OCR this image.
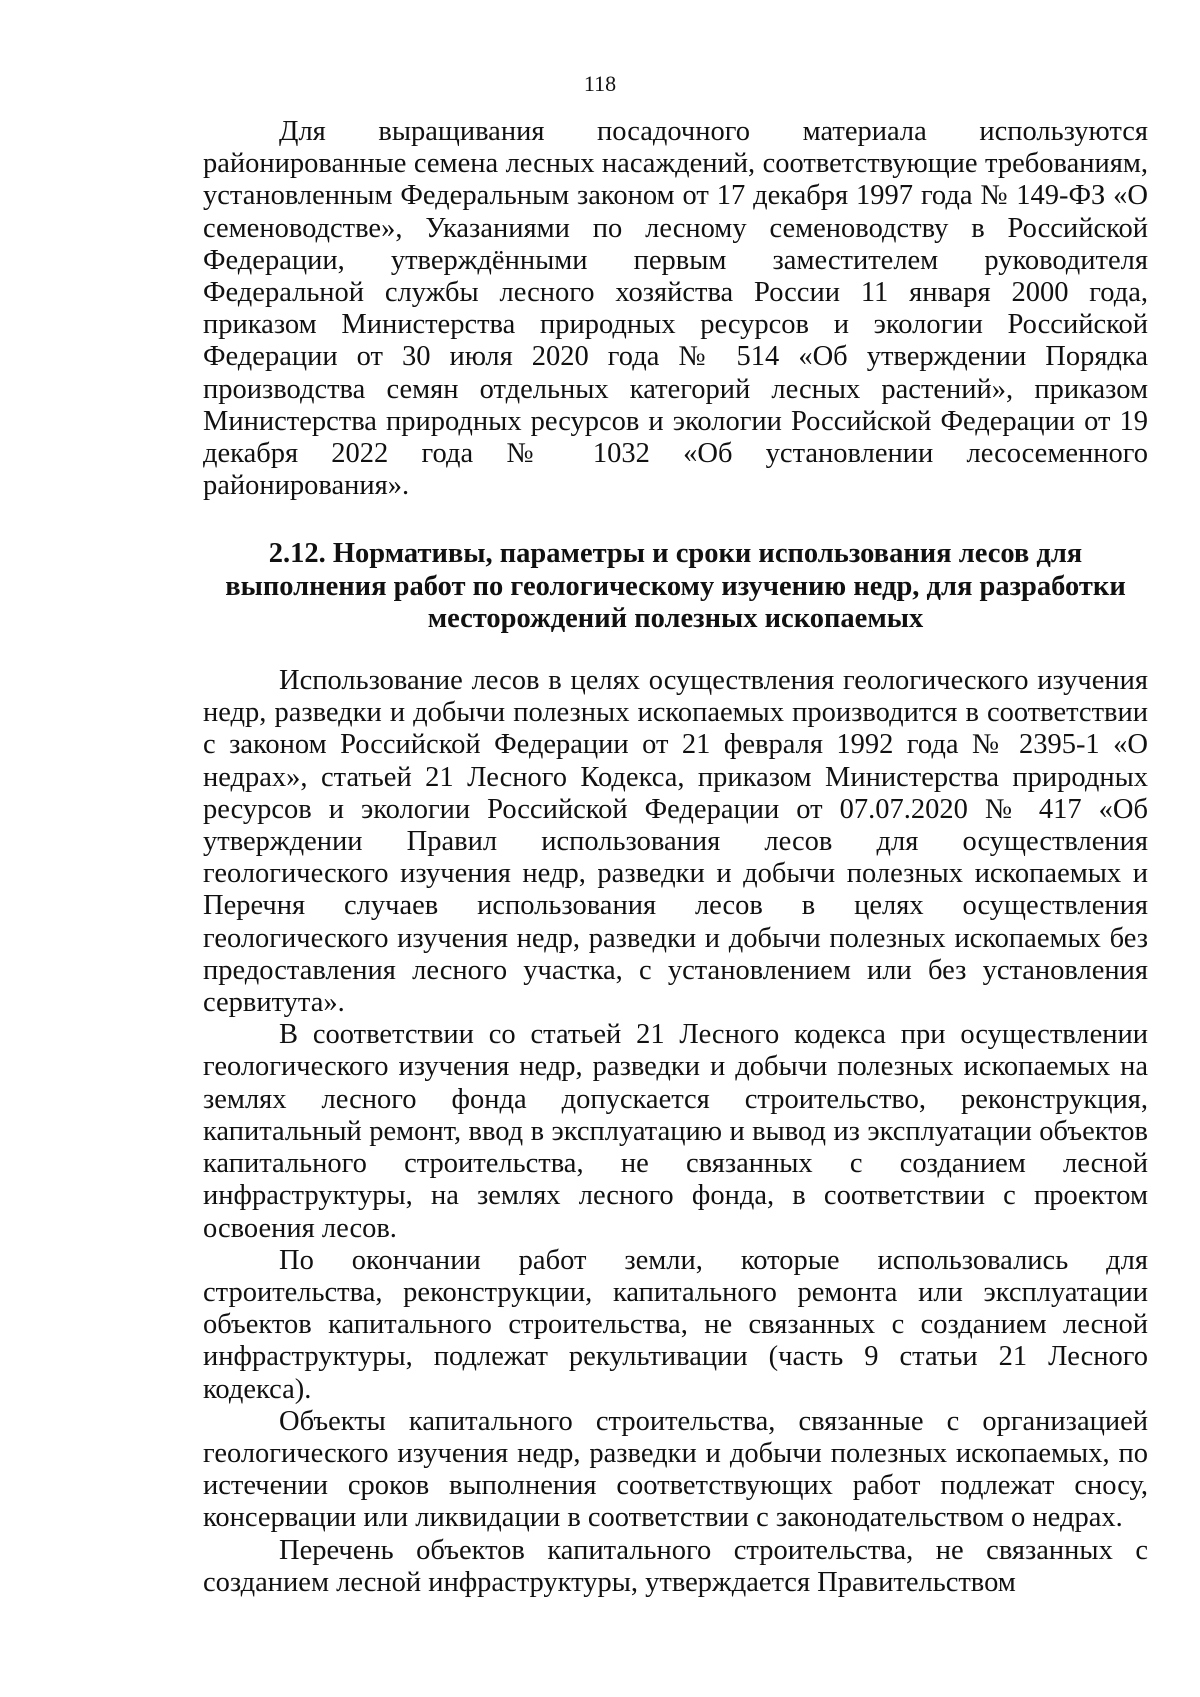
118

Для выращивания посадочного материала используются районированные семена лесных насаждений, соответствующие требованиям, установленным Федеральным законом от 17 декабря 1997 года № 149-ФЗ «О семеноводстве», Указаниями по лесному семеноводству в Российской Федерации, утверждёнными первым заместителем руководителя Федеральной службы лесного хозяйства России 11 января 2000 года, приказом Министерства природных ресурсов и экологии Российской Федерации от 30 июля 2020 года № 514 «Об утверждении Порядка производства семян отдельных категорий лесных растений», приказом Министерства природных ресурсов и экологии Российской Федерации от 19 декабря 2022 года № 1032 «Об установлении лесосеменного районирования».

2.12. Нормативы, параметры и сроки использования лесов для
выполнения работ по геологическому изучению недр, для разработки
месторождений полезных ископаемых

Использование лесов в целях осуществления геологического изучения недр, разведки и добычи полезных ископаемых производится в соответствии с законом Российской Федерации от 21 февраля 1992 года № 2395-1 «О недрах», статьей 21 Лесного Кодекса, приказом Министерства природных ресурсов и экологии Российской Федерации от 07.07.2020 № 417 «Об утверждении Правил использования лесов для осуществления геологического изучения недр, разведки и добычи полезных ископаемых и Перечня случаев использования лесов в целях осуществления геологического изучения недр, разведки и добычи полезных ископаемых без предоставления лесного участка, с установлением или без установления сервитута».

В соответствии со статьей 21 Лесного кодекса при осуществлении геологического изучения недр, разведки и добычи полезных ископаемых на землях лесного фонда допускается строительство, реконструкция, капитальный ремонт, ввод в эксплуатацию и вывод из эксплуатации объектов капитального строительства, не связанных с созданием лесной инфраструктуры, на землях лесного фонда, в соответствии с проектом освоения лесов.

По окончании работ земли, которые использовались для строительства, реконструкции, капитального ремонта или эксплуатации объектов капитального строительства, не связанных с созданием лесной инфраструктуры, подлежат рекультивации (часть 9 статьи 21 Лесного кодекса).

Объекты капитального строительства, связанные с организацией геологического изучения недр, разведки и добычи полезных ископаемых, по истечении сроков выполнения соответствующих работ подлежат сносу, консервации или ликвидации в соответствии с законодательством о недрах.

Перечень объектов капитального строительства, не связанных с созданием лесной инфраструктуры, утверждается Правительством
